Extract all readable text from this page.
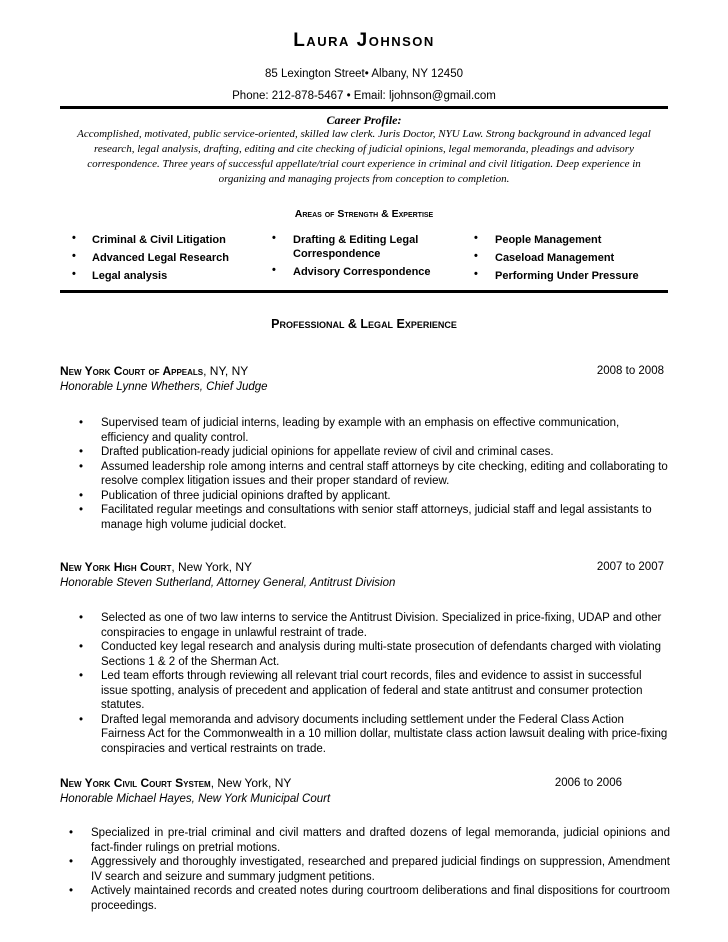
Laura Johnson
85 Lexington Street• Albany, NY 12450
Phone: 212-878-5467 • Email: ljohnson@gmail.com
Career Profile:
Accomplished, motivated, public service-oriented, skilled law clerk. Juris Doctor, NYU Law. Strong background in advanced legal research, legal analysis, drafting, editing and cite checking of judicial opinions, legal memoranda, pleadings and advisory correspondence. Three years of successful appellate/trial court experience in criminal and civil litigation. Deep experience in organizing and managing projects from conception to completion.
Areas of Strength & Expertise
• Criminal & Civil Litigation
• Advanced Legal Research
• Legal analysis
• Drafting & Editing Legal Correspondence
• Advisory Correspondence
• People Management
• Caseload Management
• Performing Under Pressure
Professional & Legal Experience
New York Court of Appeals, NY, NY	2008 to 2008
Honorable Lynne Whethers, Chief Judge
• Supervised team of judicial interns, leading by example with an emphasis on effective communication, efficiency and quality control.
• Drafted publication-ready judicial opinions for appellate review of civil and criminal cases.
• Assumed leadership role among interns and central staff attorneys by cite checking, editing and collaborating to resolve complex litigation issues and their proper standard of review.
• Publication of three judicial opinions drafted by applicant.
• Facilitated regular meetings and consultations with senior staff attorneys, judicial staff and legal assistants to manage high volume judicial docket.
New York High Court, New York, NY	2007 to 2007
Honorable Steven Sutherland, Attorney General, Antitrust Division
• Selected as one of two law interns to service the Antitrust Division. Specialized in price-fixing, UDAP and other conspiracies to engage in unlawful restraint of trade.
• Conducted key legal research and analysis during multi-state prosecution of defendants charged with violating Sections 1 & 2 of the Sherman Act.
• Led team efforts through reviewing all relevant trial court records, files and evidence to assist in successful issue spotting, analysis of precedent and application of federal and state antitrust and consumer protection statutes.
• Drafted legal memoranda and advisory documents including settlement under the Federal Class Action Fairness Act for the Commonwealth in a 10 million dollar, multistate class action lawsuit dealing with price-fixing conspiracies and vertical restraints on trade.
New York Civil Court System, New York, NY	2006 to 2006
Honorable Michael Hayes, New York Municipal Court
• Specialized in pre-trial criminal and civil matters and drafted dozens of legal memoranda, judicial opinions and fact-finder rulings on pretrial motions.
• Aggressively and thoroughly investigated, researched and prepared judicial findings on suppression, Amendment IV search and seizure and summary judgment petitions.
• Actively maintained records and created notes during courtroom deliberations and final dispositions for courtroom proceedings.
